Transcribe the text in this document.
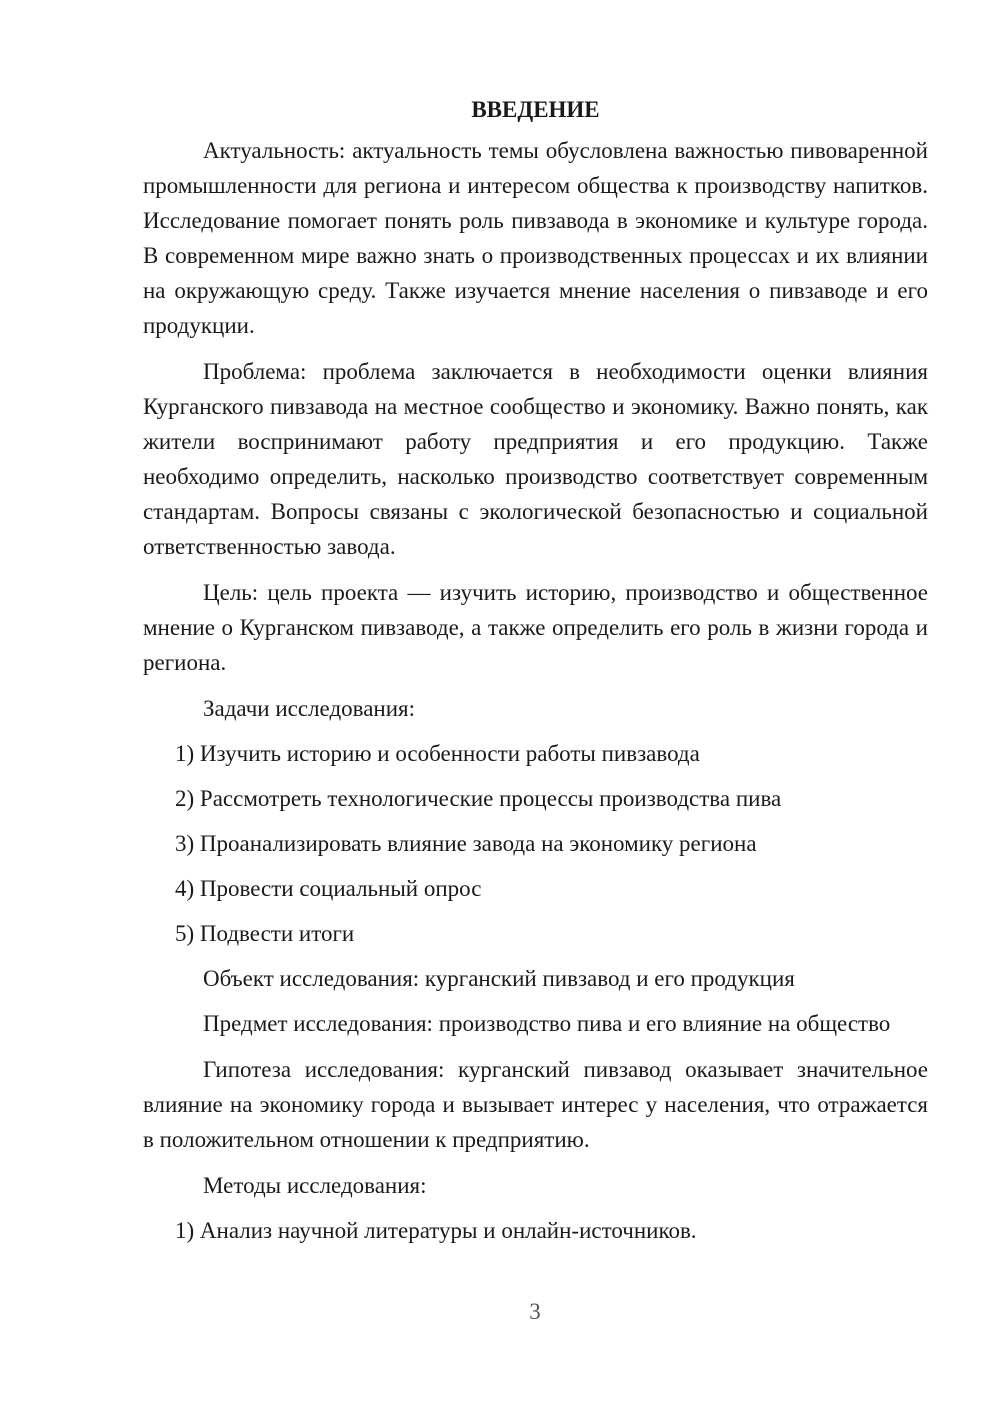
ВВЕДЕНИЕ

Актуальность: актуальность темы обусловлена важностью пивоваренной промышленности для региона и интересом общества к производству напитков. Исследование помогает понять роль пивзавода в экономике и культуре города. В современном мире важно знать о производственных процессах и их влиянии на окружающую среду. Также изучается мнение населения о пивзаводе и его продукции.

Проблема: проблема заключается в необходимости оценки влияния Курганского пивзавода на местное сообщество и экономику. Важно понять, как жители воспринимают работу предприятия и его продукцию. Также необходимо определить, насколько производство соответствует современным стандартам. Вопросы связаны с экологической безопасностью и социальной ответственностью завода.

Цель: цель проекта — изучить историю, производство и общественное мнение о Курганском пивзаводе, а также определить его роль в жизни города и региона.

Задачи исследования:

1) Изучить историю и особенности работы пивзавода
2) Рассмотреть технологические процессы производства пива
3) Проанализировать влияние завода на экономику региона
4) Провести социальный опрос
5) Подвести итоги

Объект исследования: курганский пивзавод и его продукция

Предмет исследования: производство пива и его влияние на общество

Гипотеза исследования: курганский пивзавод оказывает значительное влияние на экономику города и вызывает интерес у населения, что отражается в положительном отношении к предприятию.

Методы исследования:

1) Анализ научной литературы и онлайн-источников.
3
